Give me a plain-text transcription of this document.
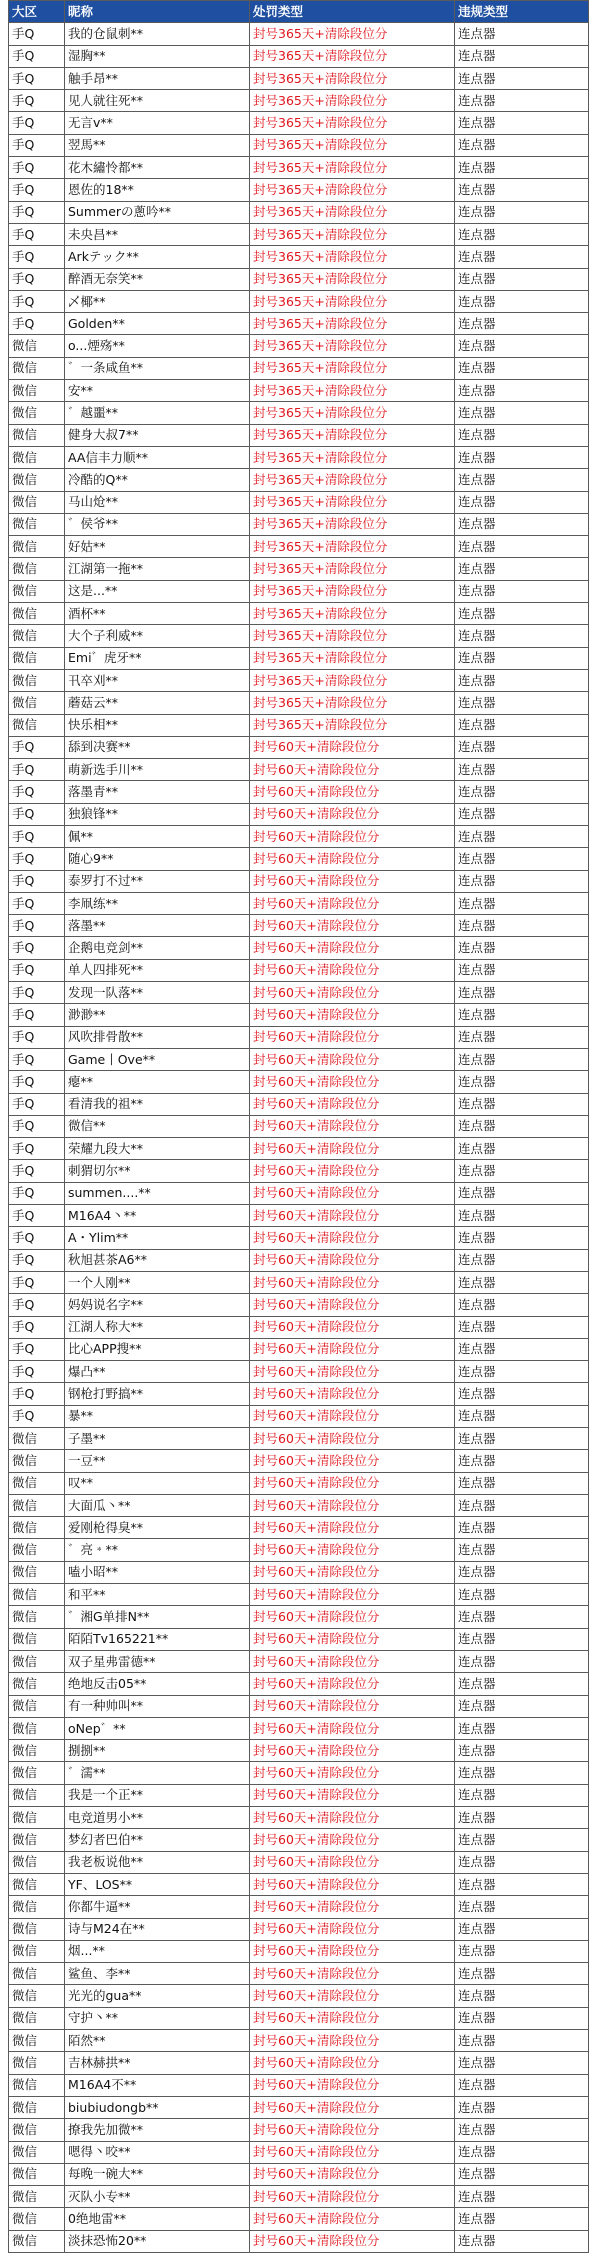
大区	昵称	处罚类型	违规类型
手Q	我的仓鼠刺**	封号365天+清除段位分	连点器
手Q	湿胸**	封号365天+清除段位分	连点器
手Q	触手昂**	封号365天+清除段位分	连点器
手Q	见人就往死**	封号365天+清除段位分	连点器
手Q	无言v**	封号365天+清除段位分	连点器
手Q	翌馬**	封号365天+清除段位分	连点器
手Q	花木繡怜都**	封号365天+清除段位分	连点器
手Q	恩佐的18**	封号365天+清除段位分	连点器
手Q	Summerの蔥吟**	封号365天+清除段位分	连点器
手Q	未央昌**	封号365天+清除段位分	连点器
手Q	Arkテック**	封号365天+清除段位分	连点器
手Q	醉酒无奈笑**	封号365天+清除段位分	连点器
手Q	乄椰**	封号365天+清除段位分	连点器
手Q	Golden**	封号365天+清除段位分	连点器
微信	o...煙殇**	封号365天+清除段位分	连点器
微信	゛一条咸鱼**	封号365天+清除段位分	连点器
微信	安**	封号365天+清除段位分	连点器
微信	゛越噩**	封号365天+清除段位分	连点器
微信	健身大叔7**	封号365天+清除段位分	连点器
微信	AA信丰力顺**	封号365天+清除段位分	连点器
微信	冷酷的Q**	封号365天+清除段位分	连点器
微信	马山炝**	封号365天+清除段位分	连点器
微信	゛侯爷**	封号365天+清除段位分	连点器
微信	好姑**	封号365天+清除段位分	连点器
微信	江湖第一拖**	封号365天+清除段位分	连点器
微信	这是...**	封号365天+清除段位分	连点器
微信	酒杯**	封号365天+清除段位分	连点器
微信	大个子利威**	封号365天+清除段位分	连点器
微信	Emi゛虎牙**	封号365天+清除段位分	连点器
微信	卂卒刈**	封号365天+清除段位分	连点器
微信	蘑菇云**	封号365天+清除段位分	连点器
微信	快乐相**	封号365天+清除段位分	连点器
手Q	舔到决赛**	封号60天+清除段位分	连点器
手Q	萌新选手川**	封号60天+清除段位分	连点器
手Q	落墨青**	封号60天+清除段位分	连点器
手Q	独狼锋**	封号60天+清除段位分	连点器
手Q	佩**	封号60天+清除段位分	连点器
手Q	随心9**	封号60天+清除段位分	连点器
手Q	泰罗打不过**	封号60天+清除段位分	连点器
手Q	李凧练**	封号60天+清除段位分	连点器
手Q	落墨**	封号60天+清除段位分	连点器
手Q	企鹅电竞剑**	封号60天+清除段位分	连点器
手Q	单人四排死**	封号60天+清除段位分	连点器
手Q	发现一队落**	封号60天+清除段位分	连点器
手Q	渺渺**	封号60天+清除段位分	连点器
手Q	风吹排骨散**	封号60天+清除段位分	连点器
手Q	Game丨Ove**	封号60天+清除段位分	连点器
手Q	瘪**	封号60天+清除段位分	连点器
手Q	看清我的祖**	封号60天+清除段位分	连点器
手Q	微信**	封号60天+清除段位分	连点器
手Q	荣耀九段大**	封号60天+清除段位分	连点器
手Q	刺猬切尔**	封号60天+清除段位分	连点器
手Q	summen....**	封号60天+清除段位分	连点器
手Q	M16A4丶**	封号60天+清除段位分	连点器
手Q	A・Ylim**	封号60天+清除段位分	连点器
手Q	秋旭甚茶A6**	封号60天+清除段位分	连点器
手Q	一个人刚**	封号60天+清除段位分	连点器
手Q	妈妈说名字**	封号60天+清除段位分	连点器
手Q	江湖人称大**	封号60天+清除段位分	连点器
手Q	比心APP搜**	封号60天+清除段位分	连点器
手Q	爆凸**	封号60天+清除段位分	连点器
手Q	钢枪打野搞**	封号60天+清除段位分	连点器
手Q	暴**	封号60天+清除段位分	连点器
微信	子墨**	封号60天+清除段位分	连点器
微信	一豆**	封号60天+清除段位分	连点器
微信	叹**	封号60天+清除段位分	连点器
微信	大面瓜丶**	封号60天+清除段位分	连点器
微信	爱刚枪得臭**	封号60天+清除段位分	连点器
微信	゛亮﹡**	封号60天+清除段位分	连点器
微信	嗑小昭**	封号60天+清除段位分	连点器
微信	和平**	封号60天+清除段位分	连点器
微信	゛湘G单排N**	封号60天+清除段位分	连点器
微信	陌陌Tv165221**	封号60天+清除段位分	连点器
微信	双子星弗雷德**	封号60天+清除段位分	连点器
微信	绝地反击05**	封号60天+清除段位分	连点器
微信	有一种帅叫**	封号60天+清除段位分	连点器
微信	oNep゛**	封号60天+清除段位分	连点器
微信	捌捌**	封号60天+清除段位分	连点器
微信	゛濡**	封号60天+清除段位分	连点器
微信	我是一个正**	封号60天+清除段位分	连点器
微信	电竞道男小**	封号60天+清除段位分	连点器
微信	梦幻者巴伯**	封号60天+清除段位分	连点器
微信	我老板说他**	封号60天+清除段位分	连点器
微信	YF、LOS**	封号60天+清除段位分	连点器
微信	你都牛逼**	封号60天+清除段位分	连点器
微信	诗与M24在**	封号60天+清除段位分	连点器
微信	烟...**	封号60天+清除段位分	连点器
微信	鲨鱼、李**	封号60天+清除段位分	连点器
微信	光光的gua**	封号60天+清除段位分	连点器
微信	守护丶**	封号60天+清除段位分	连点器
微信	陌然**	封号60天+清除段位分	连点器
微信	吉林赫拱**	封号60天+清除段位分	连点器
微信	M16A4不**	封号60天+清除段位分	连点器
微信	biubiudongb**	封号60天+清除段位分	连点器
微信	撩我先加微**	封号60天+清除段位分	连点器
微信	嗯得丶咬**	封号60天+清除段位分	连点器
微信	每晚一碗大**	封号60天+清除段位分	连点器
微信	灭队小专**	封号60天+清除段位分	连点器
微信	0绝地雷**	封号60天+清除段位分	连点器
微信	淡抹恐怖20**	封号60天+清除段位分	连点器
